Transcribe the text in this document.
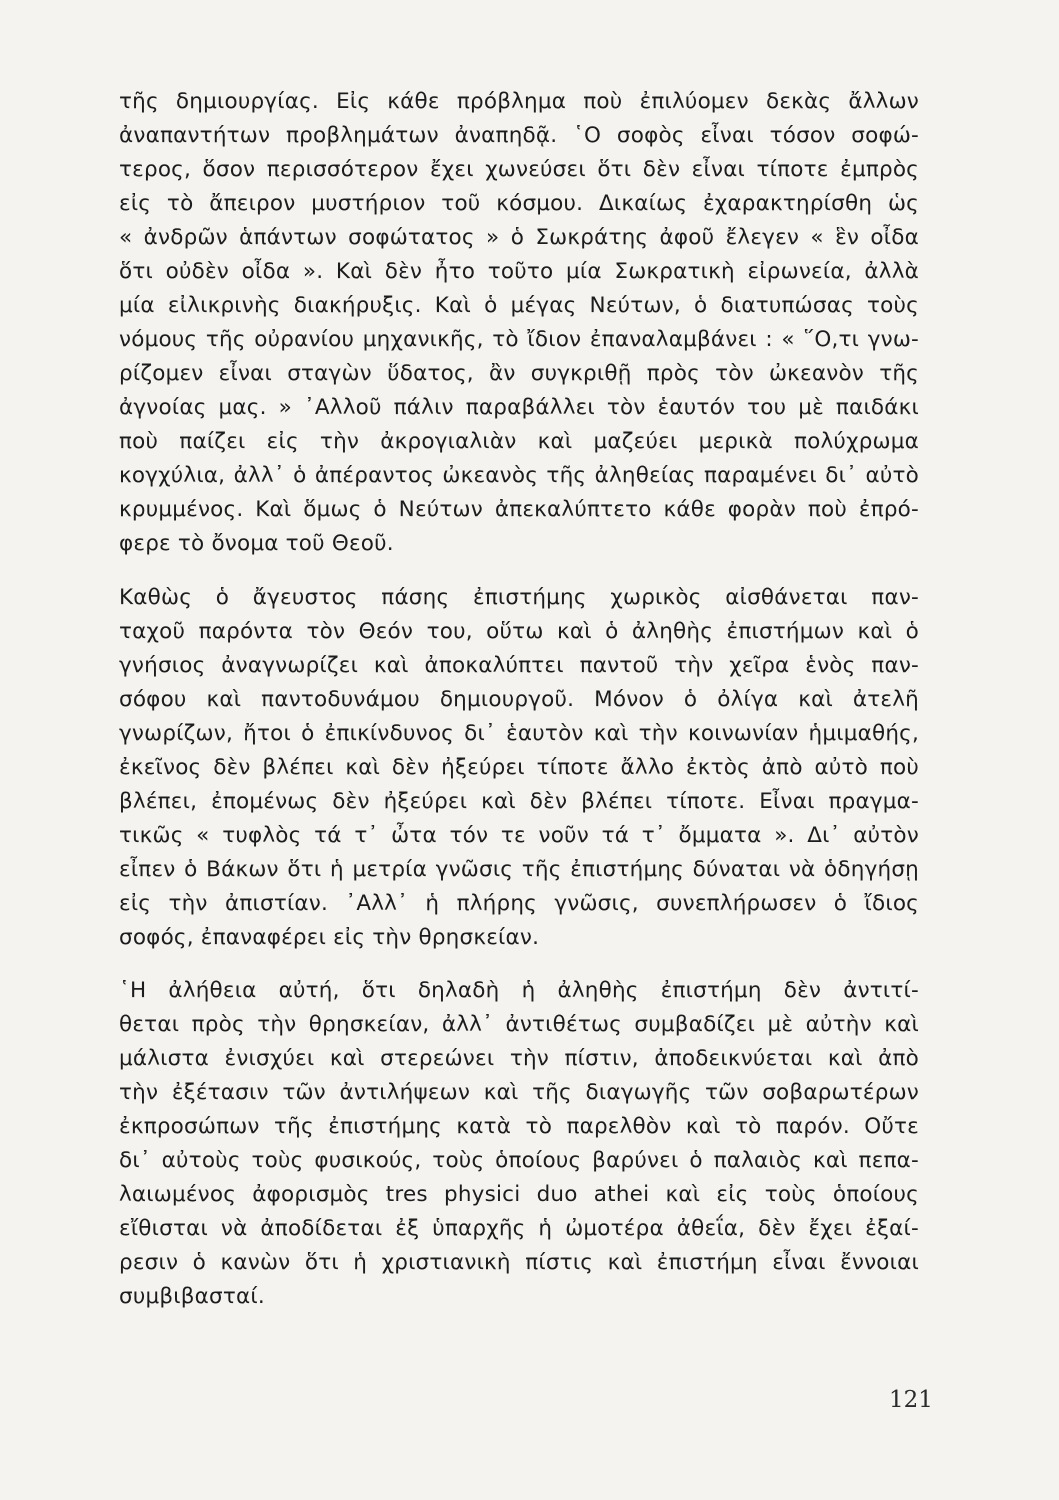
τῆς δημιουργίας. Εἰς κάθε πρόβλημα ποὺ ἐπιλύομεν δεκὰς ἄλλων
ἀναπαντήτων προβλημάτων ἀναπηδᾷ. ῾Ο σοφὸς εἶναι τόσον σοφώ-
τερος, ὅσον περισσότερον ἔχει χωνεύσει ὅτι δὲν εἶναι τίποτε ἐμπρὸς
εἰς τὸ ἄπειρον μυστήριον τοῦ κόσμου. Δικαίως ἐχαρακτηρίσθη ὡς
« ἀνδρῶν ἁπάντων σοφώτατος » ὁ Σωκράτης ἀφοῦ ἔλεγεν « ἓν οἶδα
ὅτι οὐδὲν οἶδα ». Καὶ δὲν ἦτο τοῦτο μία Σωκρατικὴ εἰρωνεία, ἀλλὰ
μία εἰλικρινὴς διακήρυξις. Καὶ ὁ μέγας Νεύτων, ὁ διατυπώσας τοὺς
νόμους τῆς οὐρανίου μηχανικῆς, τὸ ἴδιον ἐπαναλαμβάνει : « ῞Ο,τι γνω-
ρίζομεν εἶναι σταγὼν ὕδατος, ἂν συγκριθῇ πρὸς τὸν ὠκεανὸν τῆς
ἀγνοίας μας. » ᾽Αλλοῦ πάλιν παραβάλλει τὸν ἑαυτόν του μὲ παιδάκι
ποὺ παίζει εἰς τὴν ἀκρογιαλιὰν καὶ μαζεύει μερικὰ πολύχρωμα
κογχύλια, ἀλλ᾽ ὁ ἀπέραντος ὠκεανὸς τῆς ἀληθείας παραμένει δι᾽ αὐτὸ
κρυμμένος. Καὶ ὅμως ὁ Νεύτων ἀπεκαλύπτετο κάθε φορὰν ποὺ ἐπρό-
φερε τὸ ὄνομα τοῦ Θεοῦ.
Καθὼς ὁ ἄγευστος πάσης ἐπιστήμης χωρικὸς αἰσθάνεται παν-
ταχοῦ παρόντα τὸν Θεόν του, οὕτω καὶ ὁ ἀληθὴς ἐπιστήμων καὶ ὁ
γνήσιος ἀναγνωρίζει καὶ ἀποκαλύπτει παντοῦ τὴν χεῖρα ἑνὸς παν-
σόφου καὶ παντοδυνάμου δημιουργοῦ. Μόνον ὁ ὀλίγα καὶ ἀτελῆ
γνωρίζων, ἤτοι ὁ ἐπικίνδυνος δι᾽ ἑαυτὸν καὶ τὴν κοινωνίαν ἡμιμαθής,
ἐκεῖνος δὲν βλέπει καὶ δὲν ἠξεύρει τίποτε ἄλλο ἐκτὸς ἀπὸ αὐτὸ ποὺ
βλέπει, ἐπομένως δὲν ἠξεύρει καὶ δὲν βλέπει τίποτε. Εἶναι πραγμα-
τικῶς « τυφλὸς τά τ᾽ ὦτα τόν τε νοῦν τά τ᾽ ὄμματα ». Δι᾽ αὐτὸν
εἶπεν ὁ Βάκων ὅτι ἡ μετρία γνῶσις τῆς ἐπιστήμης δύναται νὰ ὁδηγήσῃ
εἰς τὴν ἀπιστίαν. ᾽Αλλ᾽ ἡ πλήρης γνῶσις, συνεπλήρωσεν ὁ ἴδιος
σοφός, ἐπαναφέρει εἰς τὴν θρησκείαν.
῾Η ἀλήθεια αὐτή, ὅτι δηλαδὴ ἡ ἀληθὴς ἐπιστήμη δὲν ἀντιτί-
θεται πρὸς τὴν θρησκείαν, ἀλλ᾽ ἀντιθέτως συμβαδίζει μὲ αὐτὴν καὶ
μάλιστα ἐνισχύει καὶ στερεώνει τὴν πίστιν, ἀποδεικνύεται καὶ ἀπὸ
τὴν ἐξέτασιν τῶν ἀντιλήψεων καὶ τῆς διαγωγῆς τῶν σοβαρωτέρων
ἐκπροσώπων τῆς ἐπιστήμης κατὰ τὸ παρελθὸν καὶ τὸ παρόν. Οὔτε
δι᾽ αὐτοὺς τοὺς φυσικούς, τοὺς ὁποίους βαρύνει ὁ παλαιὸς καὶ πεπα-
λαιωμένος ἀφορισμὸς tres physici duo athei καὶ εἰς τοὺς ὁποίους
εἴθισται νὰ ἀποδίδεται ἐξ ὑπαρχῆς ἡ ὠμοτέρα ἀθεΐα, δὲν ἔχει ἐξαί-
ρεσιν ὁ κανὼν ὅτι ἡ χριστιανικὴ πίστις καὶ ἐπιστήμη εἶναι ἔννοιαι
συμβιβασταί.
121
